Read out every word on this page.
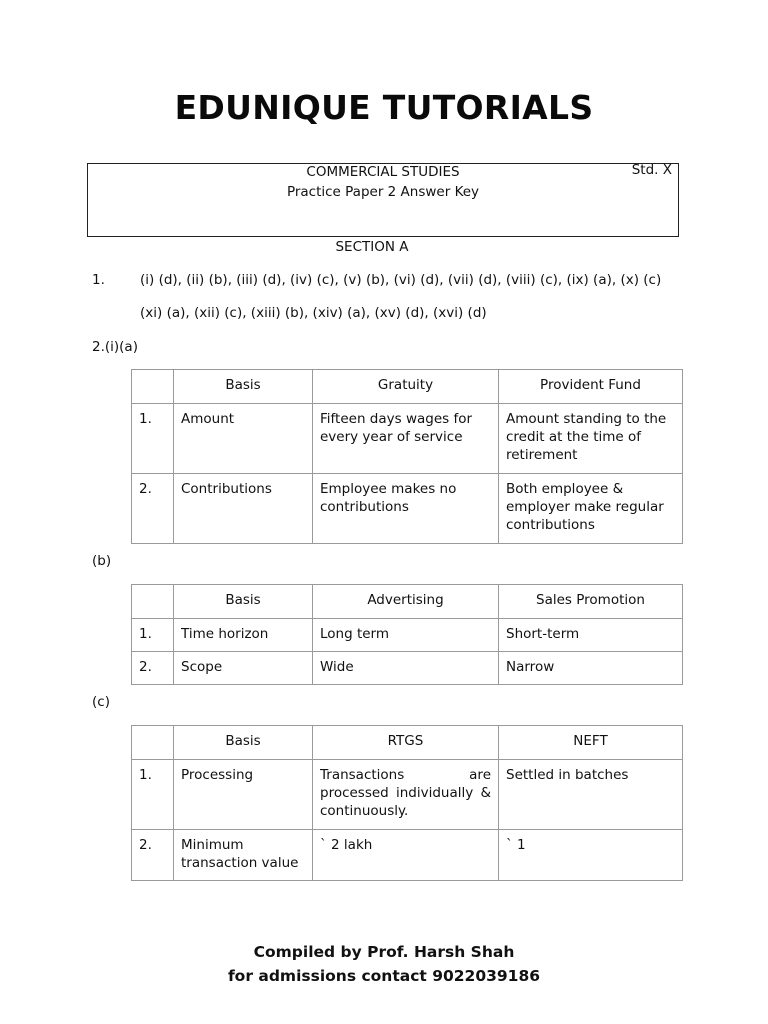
EDUNIQUE TUTORIALS
COMMERCIAL STUDIES	Std. X
Practice Paper 2 Answer Key
SECTION A
1.	(i) (d), (ii) (b), (iii) (d), (iv) (c), (v) (b), (vi) (d), (vii) (d), (viii) (c), (ix) (a), (x) (c)
(xi) (a), (xii) (c), (xiii) (b), (xiv) (a), (xv) (d), (xvi) (d)
2.(i)(a)
	Basis	Gratuity	Provident Fund
1.	Amount	Fifteen days wages for every year of service	Amount standing to the credit at the time of retirement
2.	Contributions	Employee makes no contributions	Both employee & employer make regular contributions
(b)
	Basis	Advertising	Sales Promotion
1.	Time horizon	Long term	Short-term
2.	Scope	Wide	Narrow
(c)
	Basis	RTGS	NEFT
1.	Processing	Transactions are processed individually & continuously.	Settled in batches
2.	Minimum transaction value	` 2 lakh	` 1
Compiled by Prof. Harsh Shah
for admissions contact 9022039186
